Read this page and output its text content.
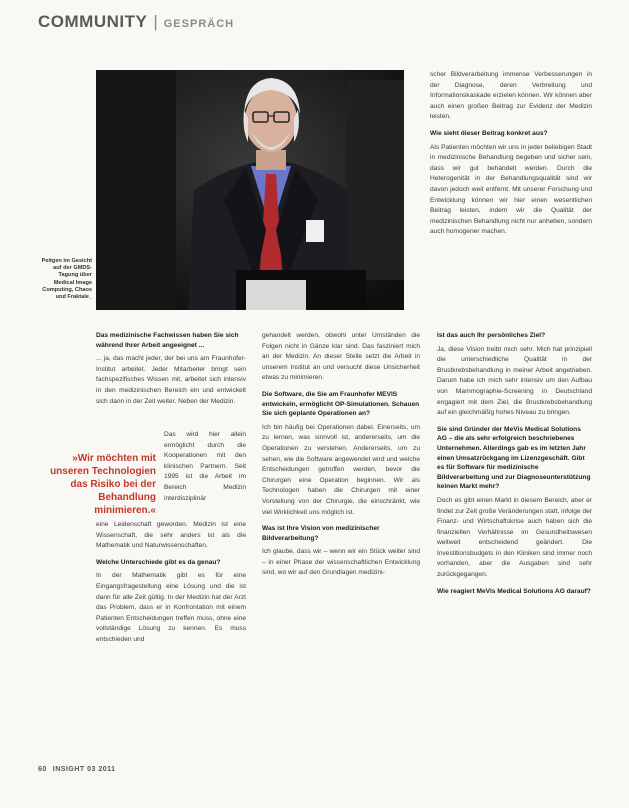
COMMUNITY | GESPRÄCH
Peitgen im Gesicht auf der GMDS-Tagung über Medical Image Computing, Chaos und Fraktale_

Das medizinische Fachwissen haben Sie sich während Ihrer Arbeit angeeignet ...

... ja, das macht jeder, der bei uns am Fraunhofer-Institut arbeitet. Jeder Mitarbeiter bringt sein fachspezifisches Wissen mit, arbeitet sich intensiv in den medizinischen Bereich ein und entwickelt sich dann in der Zeit weiter. Neben der Medizin.

»Wir möchten mit unseren Technologien das Risiko bei der Behandlung minimieren.«
Das wird hier allein ermöglicht durch die Kooperationen mit den klinischen Partnern. Seit 1995 ist die Arbeit im Bereich Medizin interdisziplinär

eine Leidenschaft geworden. Medizin ist eine Wissenschaft, die sehr anders ist als die Mathematik und Naturwissenschaften.

Welche Unterschiede gibt es da genau?

In der Mathematik gibt es für eine Eingangsfragestellung eine Lösung und die ist dann für alle Zeit gültig. In der Medizin hat der Arzt das Problem, dass er in Konfrontation mit einem Patienten Entscheidungen treffen muss, ohne eine vollständige Lösung zu kennen. Es muss entschieden und

gehandelt werden, obwohl unter Umständen die Folgen nicht in Gänze klar sind. Das fasziniert mich an der Medizin. An dieser Stelle setzt die Arbeit in unserem Institut an und versucht diese Unsicherheit etwas zu minimieren.

Die Software, die Sie am Fraunhofer MEVIS entwickeln, ermöglicht OP-Simulationen. Schauen Sie sich geplante Operationen an?

Ich bin häufig bei Operationen dabei. Einerseits, um zu lernen, was sinnvoll ist, andererseits, um die Operationen zu verstehen. Andererseits, um zu sehen, wie die Software angewendet wird und welche Entscheidungen getroffen werden, bevor die Chirurgen eine Operation beginnen. Wir als Technologen haben die Chirurgen mit einer Vorstellung von der Chirurgie, die einschränkt, wie viel Wirklichkeit uns möglich ist.

Was ist Ihre Vision von medizinischer Bildverarbeitung?

Ich glaube, dass wir – wenn wir ein Stück weiter sind – in einer Phase der wissenschaftlichen Entwicklung sind, wo wir auf den Grundlagen medizini-

scher Bildverarbeitung immense Verbesserungen in der Diagnose, deren Verbreitung und Informationskaskade erzielen können. Wir können aber auch einen großen Beitrag zur Evidenz der Medizin leisten.

Wie sieht dieser Beitrag konkret aus?

Als Patienten möchten wir uns in jeder beliebigen Stadt in medizinische Behandlung begeben und sicher sein, dass wir gut behandelt werden. Durch die Heterogenität in der Behandlungsqualität sind wir davon jedoch weit entfernt. Mit unserer Forschung und Entwicklung können wir hier einen wesentlichen Beitrag leisten, indem wir die Qualität der medizinischen Behandlung nicht nur anheben, sondern auch homogener machen.

Ist das auch Ihr persönliches Ziel?

Ja, diese Vision treibt mich sehr. Mich hat prinzipiell die unterschiedliche Qualität in der Brustkrebsbehandlung in meiner Arbeit angetrieben. Darum habe ich mich sehr intensiv um den Aufbau von Mammographie-Screening in Deutschland engagiert mit dem Ziel, die Brustkrebsbehandlung auf ein gleichmäßig hohes Niveau zu bringen.

Sie sind Gründer der MeVis Medical Solutions AG – die als sehr erfolgreich beschriebenes Unternehmen. Allerdings gab es im letzten Jahr einen Umsatzrückgang im Lizenzgeschäft. Gibt es für Software für medizinische Bildverarbeitung und zur Diagnoseunterstützung keinen Markt mehr?

Doch es gibt einen Markt in diesem Bereich, aber er findet zur Zeit große Veränderungen statt, infolge der Finanz- und Wirtschaftskrise auch haben sich die finanziellen Verhältnisse im Gesundheitswesen weltweit entscheidend geändert. Die Investitionsbudgets in den Kliniken sind immer noch vorhanden, aber die Ausgaben sind sehr zurückgegangen.

Wie reagiert MeVis Medical Solutions AG darauf?

60 INSIGHT 03 2011
